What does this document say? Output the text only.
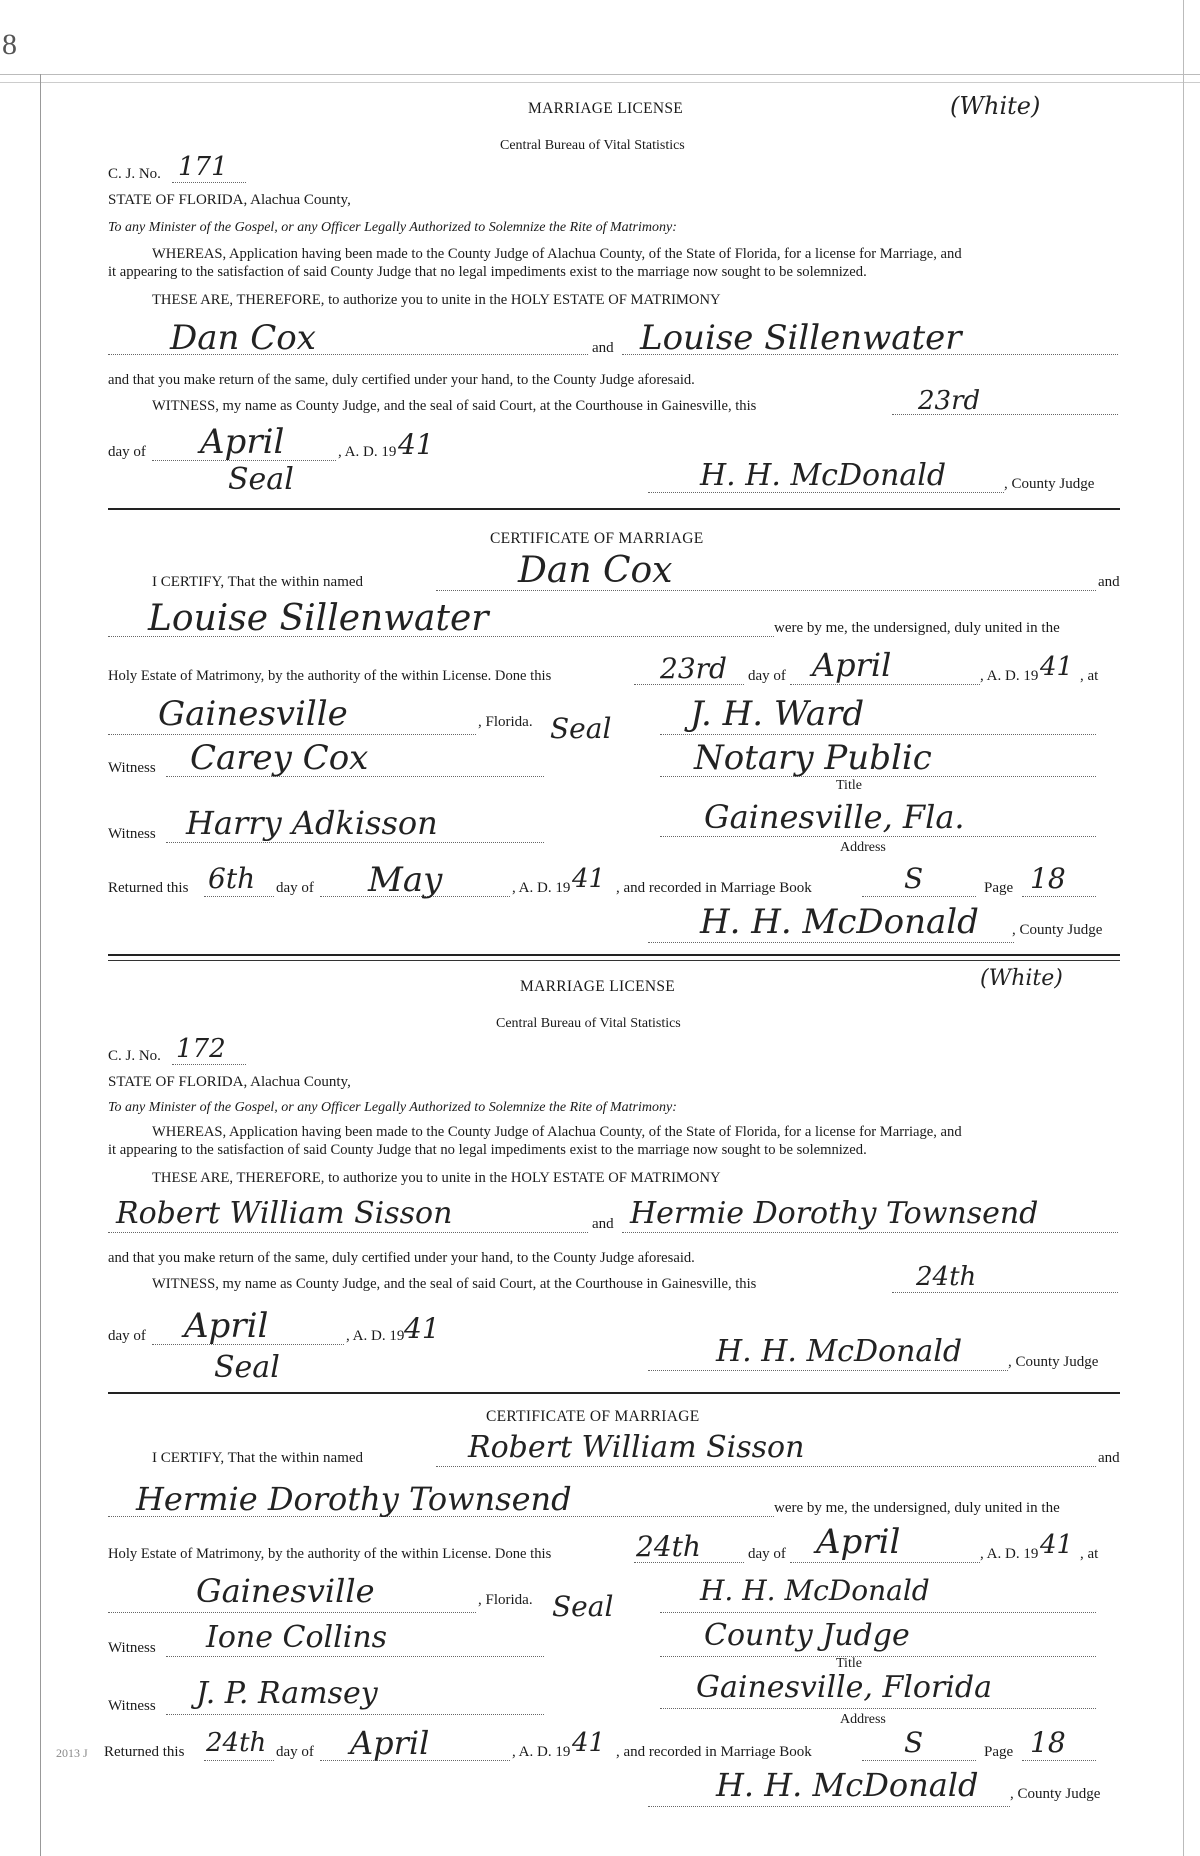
8
2013 J
MARRIAGE LICENSE	(White)
Central Bureau of Vital Statistics
C. J. No. 171
STATE OF FLORIDA, Alachua County,
To any Minister of the Gospel, or any Officer Legally Authorized to Solemnize the Rite of Matrimony:
WHEREAS, Application having been made to the County Judge of Alachua County, of the State of Florida, for a license for Marriage, and
it appearing to the satisfaction of said County Judge that no legal impediments exist to the marriage now sought to be solemnized.
THESE ARE, THEREFORE, to authorize you to unite in the HOLY ESTATE OF MATRIMONY
Dan Cox	and Louise Sillenwater
and that you make return of the same, duly certified under your hand, to the County Judge aforesaid.
WITNESS, my name as County Judge, and the seal of said Court, at the Courthouse in Gainesville, this	23rd
day of April	, A. D. 19 41
Seal	H. H. McDonald	, County Judge
CERTIFICATE OF MARRIAGE
I CERTIFY, That the within named	Dan Cox	and
Louise Sillenwater	were by me, the undersigned, duly united in the
Holy Estate of Matrimony, by the authority of the within License. Done this	23rd day of April	, A. D. 19 41 , at
Gainesville	, Florida. Seal J. H. Ward
Witness Carey Cox	Notary Public
Title
Witness Harry Adkisson	Gainesville, Fla.
Address
Returned this 6th day of May	, A. D. 19 41 , and recorded in Marriage Book	S	Page 18
H. H. McDonald , County Judge
MARRIAGE LICENSE	(White)
Central Bureau of Vital Statistics
C. J. No. 172
STATE OF FLORIDA, Alachua County,
To any Minister of the Gospel, or any Officer Legally Authorized to Solemnize the Rite of Matrimony:
WHEREAS, Application having been made to the County Judge of Alachua County, of the State of Florida, for a license for Marriage, and
it appearing to the satisfaction of said County Judge that no legal impediments exist to the marriage now sought to be solemnized.
THESE ARE, THEREFORE, to authorize you to unite in the HOLY ESTATE OF MATRIMONY
Robert William Sisson	and Hermie Dorothy Townsend
and that you make return of the same, duly certified under your hand, to the County Judge aforesaid.
WITNESS, my name as County Judge, and the seal of said Court, at the Courthouse in Gainesville, this	24th
day of April	, A. D. 19 41
Seal	H. H. McDonald	, County Judge
CERTIFICATE OF MARRIAGE
I CERTIFY, That the within named	Robert William Sisson	and
Hermie Dorothy Townsend	were by me, the undersigned, duly united in the
Holy Estate of Matrimony, by the authority of the within License. Done this	24th	day of April	, A. D. 19 41 , at
Gainesville	, Florida. Seal	H. H. McDonald
Witness Ione Collins	County Judge
Title
Witness J. P. Ramsey	Gainesville, Florida
Address
Returned this 24th day of April	, A. D. 19 41 , and recorded in Marriage Book	S	Page 18
H. H. McDonald , County Judge
